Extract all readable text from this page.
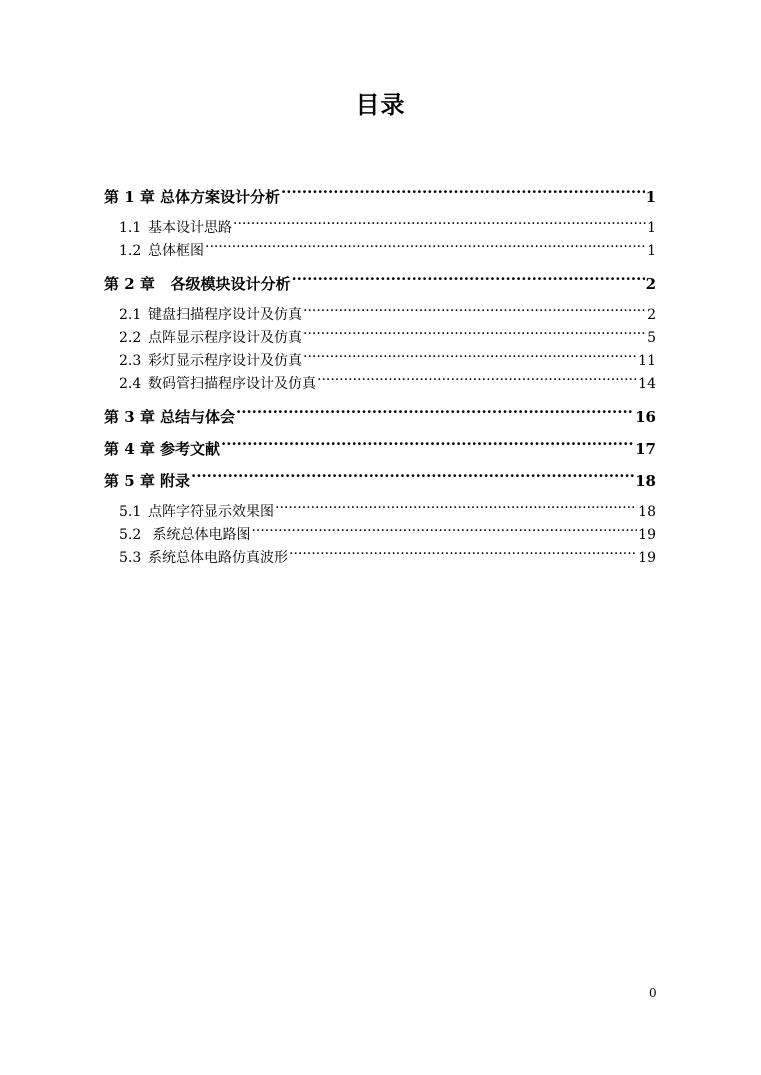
目录
第 1 章 总体方案设计分析 .....	1
1.1 基本设计思路 .....	1
1.2 总体框图 .....	1
第 2 章 各级模块设计分析 .....	2
2.1 键盘扫描程序设计及仿真 .....	2
2.2 点阵显示程序设计及仿真 .....	5
2.3 彩灯显示程序设计及仿真 .....	11
2.4 数码管扫描程序设计及仿真 .....	14
第 3 章 总结与体会 .....	16
第 4 章 参考文献 .....	17
第 5 章 附录 .....	18
5.1 点阵字符显示效果图 .....	18
5.2 系统总体电路图 .....	19
5.3 系统总体电路仿真波形 .....	19
0
